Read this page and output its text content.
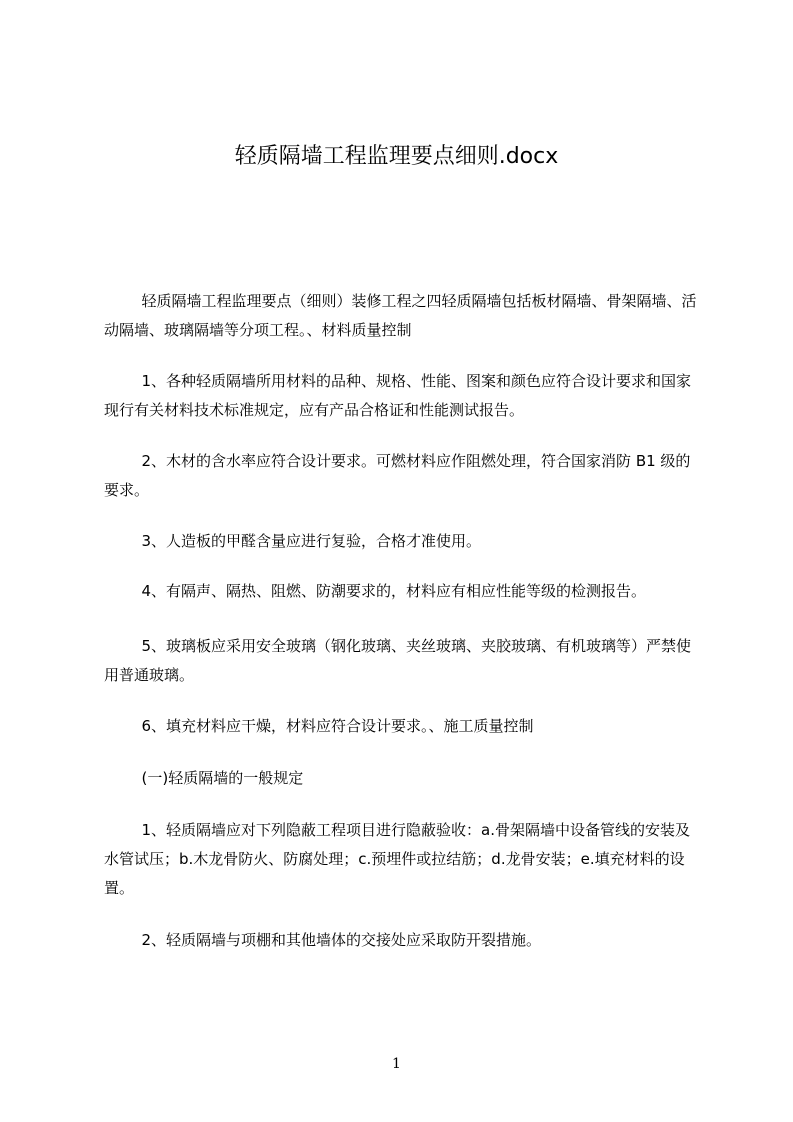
轻质隔墙工程监理要点细则.docx

轻质隔墙工程监理要点（细则）装修工程之四轻质隔墙包括板材隔墙、骨架隔墙、活动隔墙、玻璃隔墙等分项工程。、材料质量控制

1、各种轻质隔墙所用材料的品种、规格、性能、图案和颜色应符合设计要求和国家现行有关材料技术标准规定，应有产品合格证和性能测试报告。

2、木材的含水率应符合设计要求。可燃材料应作阻燃处理，符合国家消防 B1 级的要求。

3、人造板的甲醛含量应进行复验，合格才准使用。

4、有隔声、隔热、阻燃、防潮要求的，材料应有相应性能等级的检测报告。

5、玻璃板应采用安全玻璃（钢化玻璃、夹丝玻璃、夹胶玻璃、有机玻璃等）严禁使用普通玻璃。

6、填充材料应干燥，材料应符合设计要求。、施工质量控制

(一)轻质隔墙的一般规定

1、轻质隔墙应对下列隐蔽工程项目进行隐蔽验收：a.骨架隔墙中设备管线的安装及水管试压；b.木龙骨防火、防腐处理；c.预埋件或拉结筋；d.龙骨安装；e.填充材料的设置。

2、轻质隔墙与项棚和其他墙体的交接处应采取防开裂措施。

1
